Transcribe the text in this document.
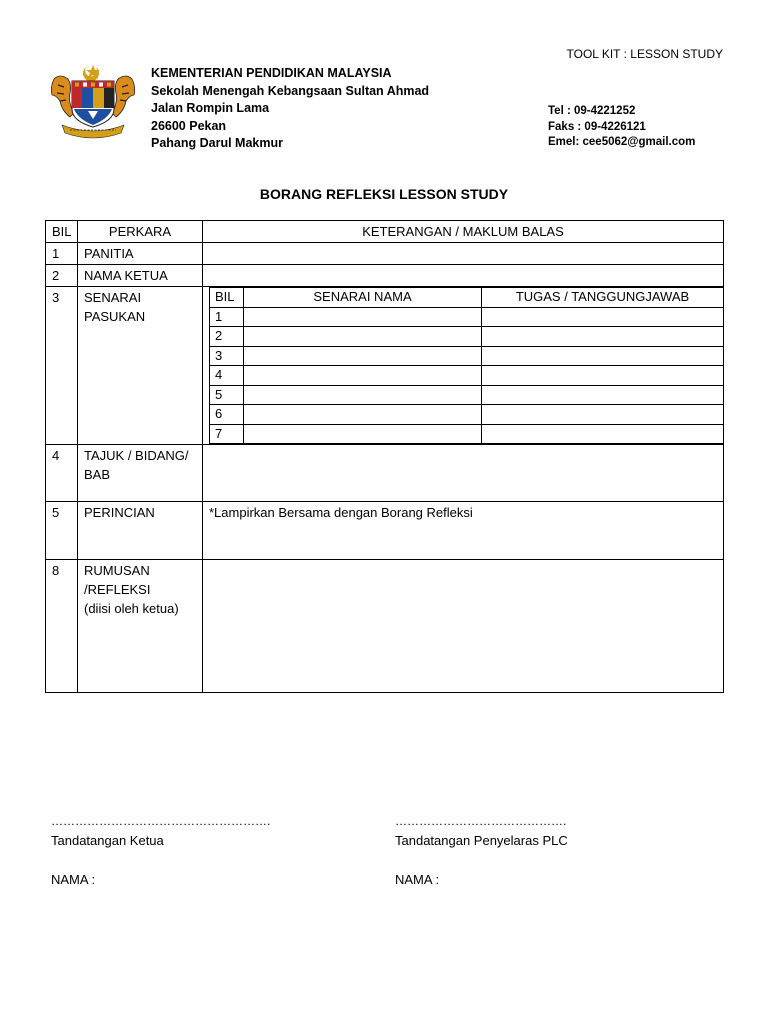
TOOL KIT : LESSON STUDY
KEMENTERIAN PENDIDIKAN MALAYSIA
Sekolah Menengah Kebangsaan Sultan Ahmad
Jalan Rompin Lama
26600 Pekan
Pahang Darul Makmur
Tel : 09-4221252
Faks : 09-4226121
Emel: cee5062@gmail.com
BORANG REFLEKSI LESSON STUDY
BIL	PERKARA	KETERANGAN / MAKLUM BALAS
1	PANITIA	
2	NAMA KETUA	
3	SENARAI PASUKAN	
BIL	SENARAI NAMA	TUGAS / TANGGUNGJAWAB
1		
2		
3		
4		
5		
6		
7		

4	TAJUK / BIDANG/ BAB	
5	PERINCIAN	*Lampirkan Bersama dengan Borang Refleksi
8	RUMUSAN /REFLEKSI
(diisi oleh ketua)

……………………………………………….
Tandatangan Ketua
NAMA :
…………………………………….
Tandatangan Penyelaras PLC
NAMA :
